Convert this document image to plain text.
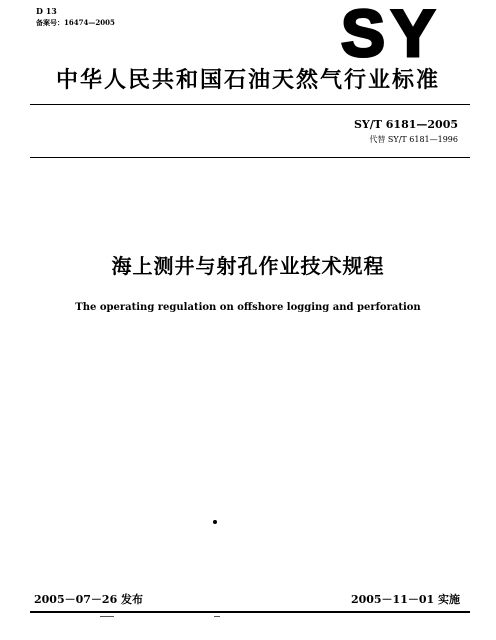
D 13
备案号：16474—2005	SY
中华人民共和国石油天然气行业标准
SY/T 6181—2005
代替 SY/T 6181—1996
海上测井与射孔作业技术规程
The operating regulation on offshore logging and perforation
2005－07－26 发布	2005－11－01 实施
